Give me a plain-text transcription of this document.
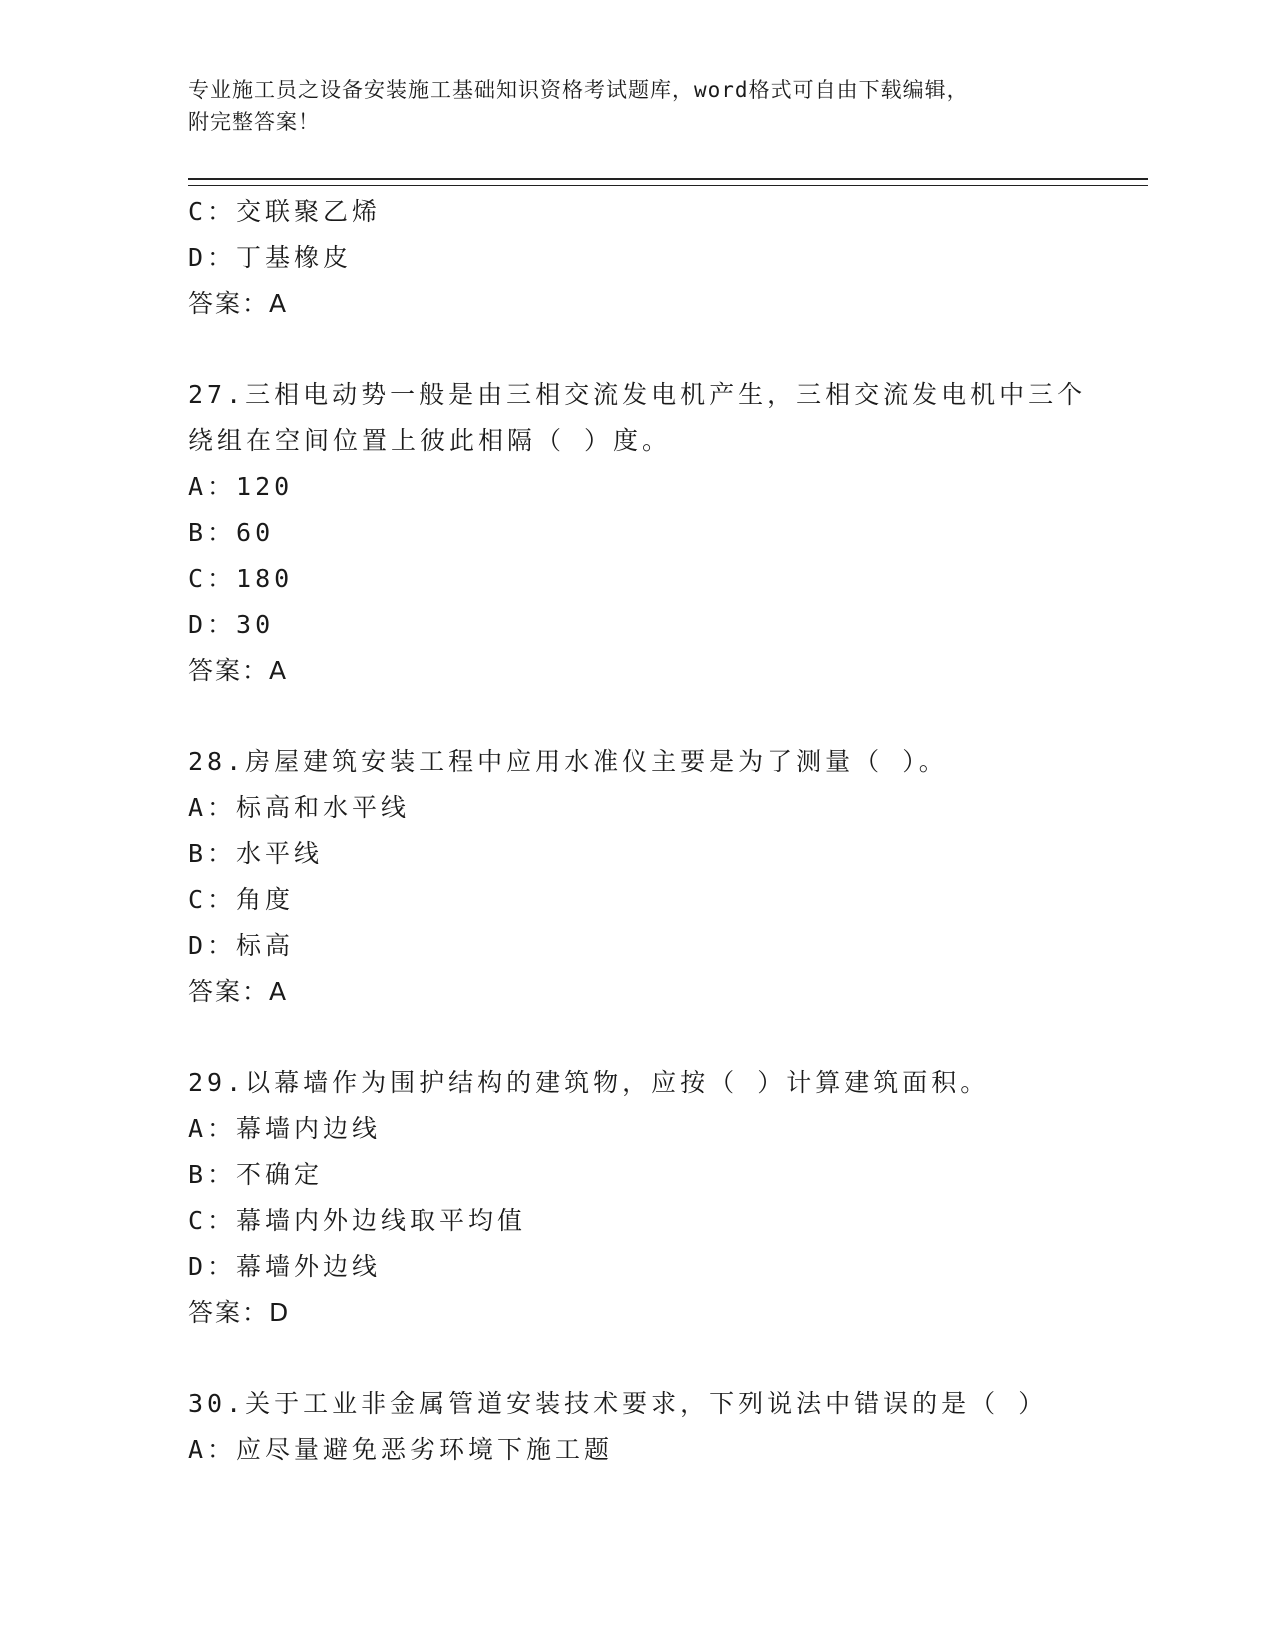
专业施工员之设备安装施工基础知识资格考试题库，word格式可自由下载编辑，
附完整答案！
C：交联聚乙烯
D：丁基橡皮
答案：A
27.三相电动势一般是由三相交流发电机产生，三相交流发电机中三个
绕组在空间位置上彼此相隔（ ）度。
A：120
B：60
C：180
D：30
答案：A
28.房屋建筑安装工程中应用水准仪主要是为了测量（ ）。
A：标高和水平线
B：水平线
C：角度
D：标高
答案：A
29.以幕墙作为围护结构的建筑物，应按（ ）计算建筑面积。
A：幕墙内边线
B：不确定
C：幕墙内外边线取平均值
D：幕墙外边线
答案：D
30.关于工业非金属管道安装技术要求，下列说法中错误的是（ ）
A：应尽量避免恶劣环境下施工题
